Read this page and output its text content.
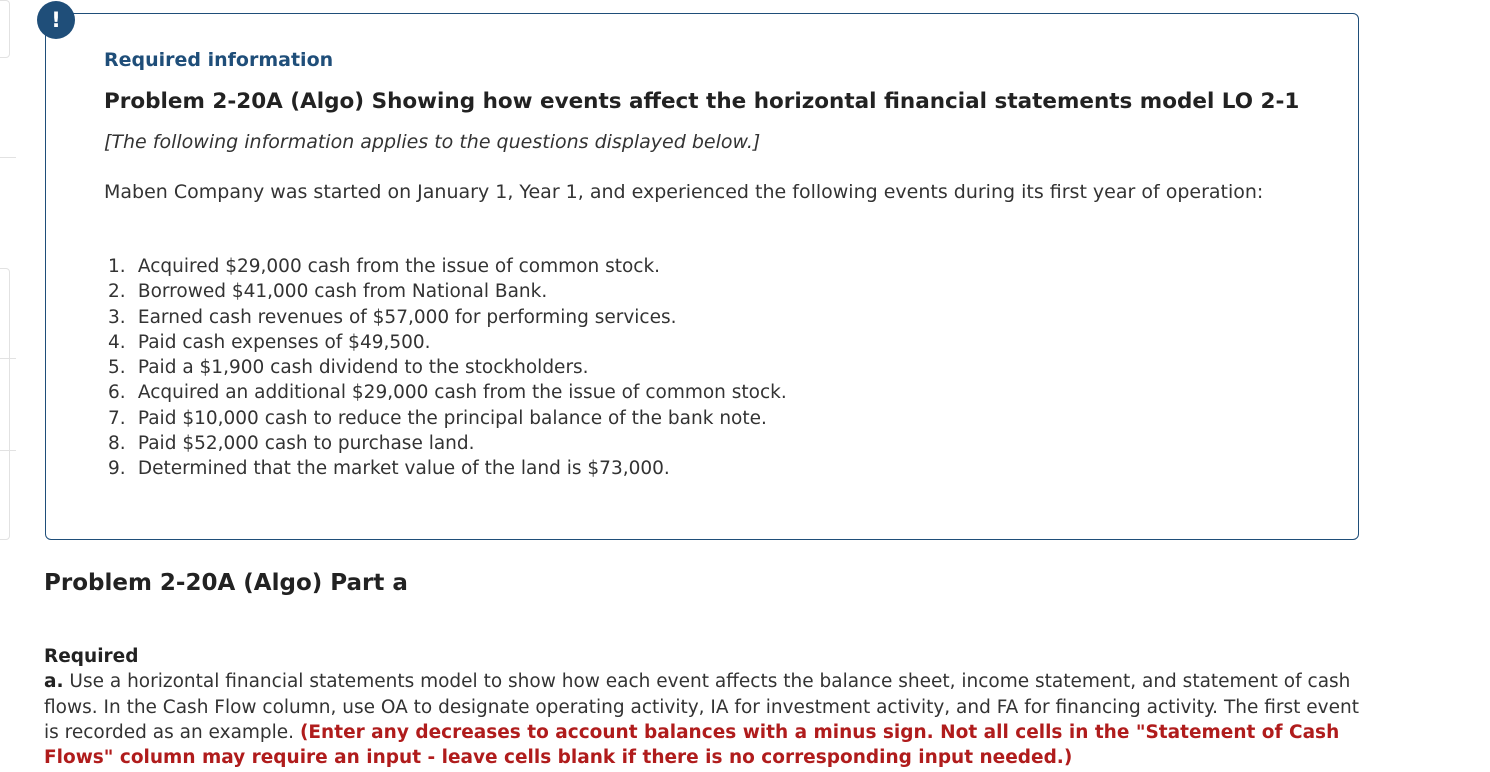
!
Required information
Problem 2-20A (Algo) Showing how events affect the horizontal financial statements model LO 2-1
[The following information applies to the questions displayed below.]
Maben Company was started on January 1, Year 1, and experienced the following events during its first year of operation:
1. Acquired $29,000 cash from the issue of common stock.
2. Borrowed $41,000 cash from National Bank.
3. Earned cash revenues of $57,000 for performing services.
4. Paid cash expenses of $49,500.
5. Paid a $1,900 cash dividend to the stockholders.
6. Acquired an additional $29,000 cash from the issue of common stock.
7. Paid $10,000 cash to reduce the principal balance of the bank note.
8. Paid $52,000 cash to purchase land.
9. Determined that the market value of the land is $73,000.
Problem 2-20A (Algo) Part a
Required
a. Use a horizontal financial statements model to show how each event affects the balance sheet, income statement, and statement of cash flows. In the Cash Flow column, use OA to designate operating activity, IA for investment activity, and FA for financing activity. The first event is recorded as an example. (Enter any decreases to account balances with a minus sign. Not all cells in the "Statement of Cash Flows" column may require an input - leave cells blank if there is no corresponding input needed.)
